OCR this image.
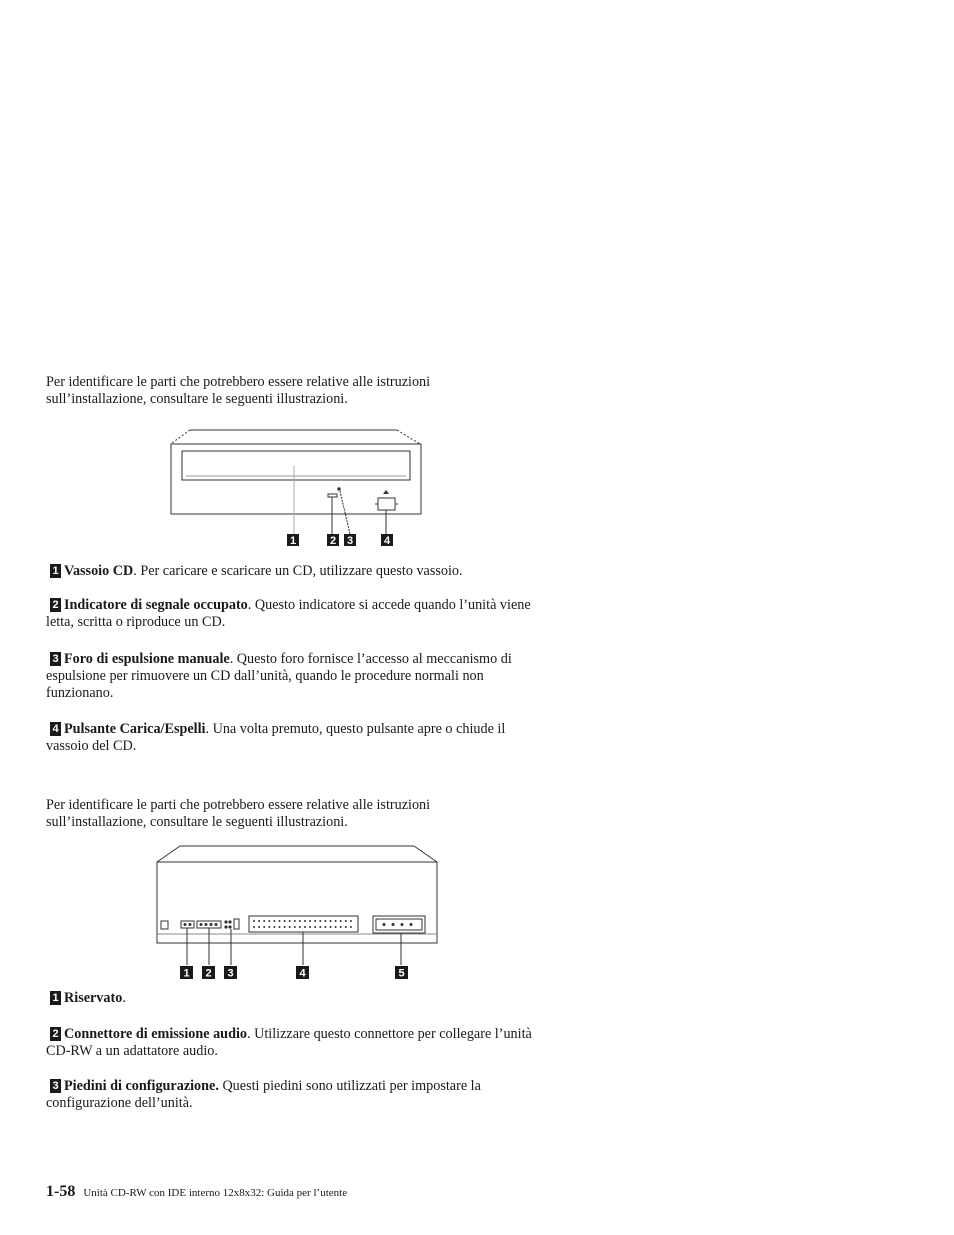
Per identificare le parti che potrebbero essere relative alle istruzioni
sull’installazione, consultare le seguenti illustrazioni.

1	2 3	4

1 Vassoio CD. Per caricare e scaricare un CD, utilizzare questo vassoio.

2 Indicatore di segnale occupato. Questo indicatore si accede quando l’unità viene letta, scritta o riproduce un CD.

3 Foro di espulsione manuale. Questo foro fornisce l’accesso al meccanismo di espulsione per rimuovere un CD dall’unità, quando le procedure normali non funzionano.

4 Pulsante Carica/Espelli. Una volta premuto, questo pulsante apre o chiude il vassoio del CD.

Per identificare le parti che potrebbero essere relative alle istruzioni
sull’installazione, consultare le seguenti illustrazioni.

1 2 3	4	5

1 Riservato.

2 Connettore di emissione audio. Utilizzare questo connettore per collegare l’unità CD-RW a un adattatore audio.

3 Piedini di configurazione. Questi piedini sono utilizzati per impostare la configurazione dell’unità.

1-58 Unità CD-RW con IDE interno 12x8x32: Guida per l’utente
